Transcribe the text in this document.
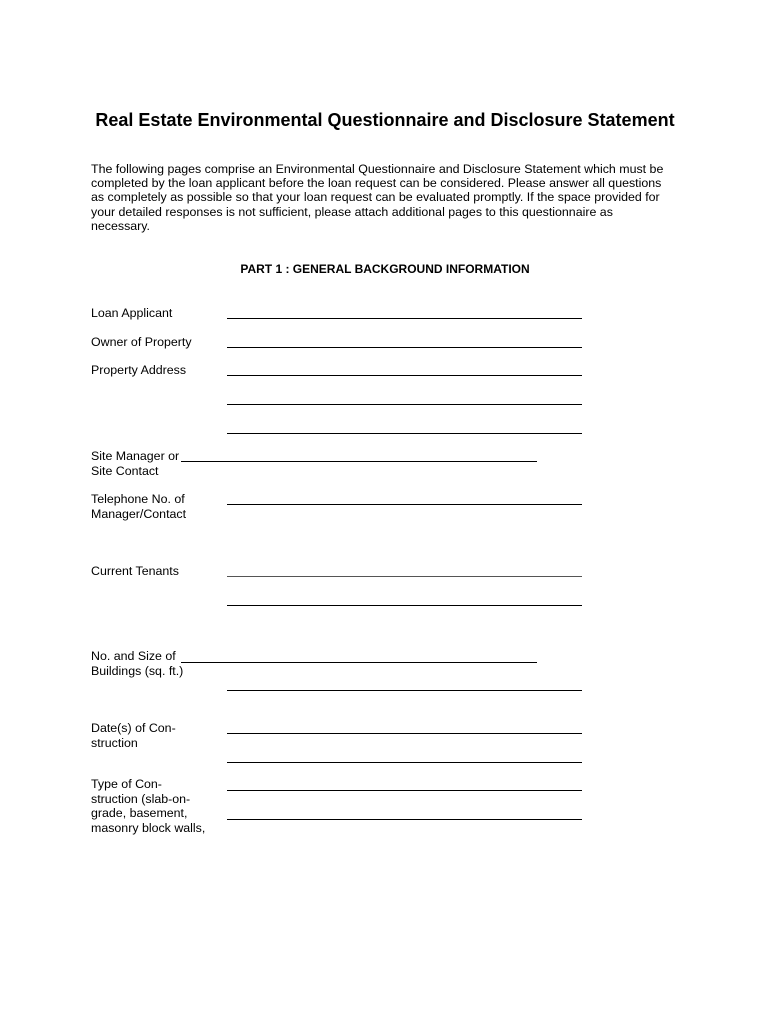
Real Estate Environmental Questionnaire and Disclosure Statement
The following pages comprise an Environmental Questionnaire and Disclosure Statement which must be
completed by the loan applicant before the loan request can be considered. Please answer all questions
as completely as possible so that your loan request can be evaluated promptly. If the space provided for
your detailed responses is not sufficient, please attach additional pages to this questionnaire as
necessary.
PART 1 : GENERAL BACKGROUND INFORMATION
Loan Applicant
Owner of Property
Property Address
Site Manager or
Site Contact
Telephone No. of
Manager/Contact
Current Tenants
No. and Size of
Buildings (sq. ft.)
Date(s) of Con-
struction
Type of Con-
struction (slab-on-
grade, basement,
masonry block walls,
